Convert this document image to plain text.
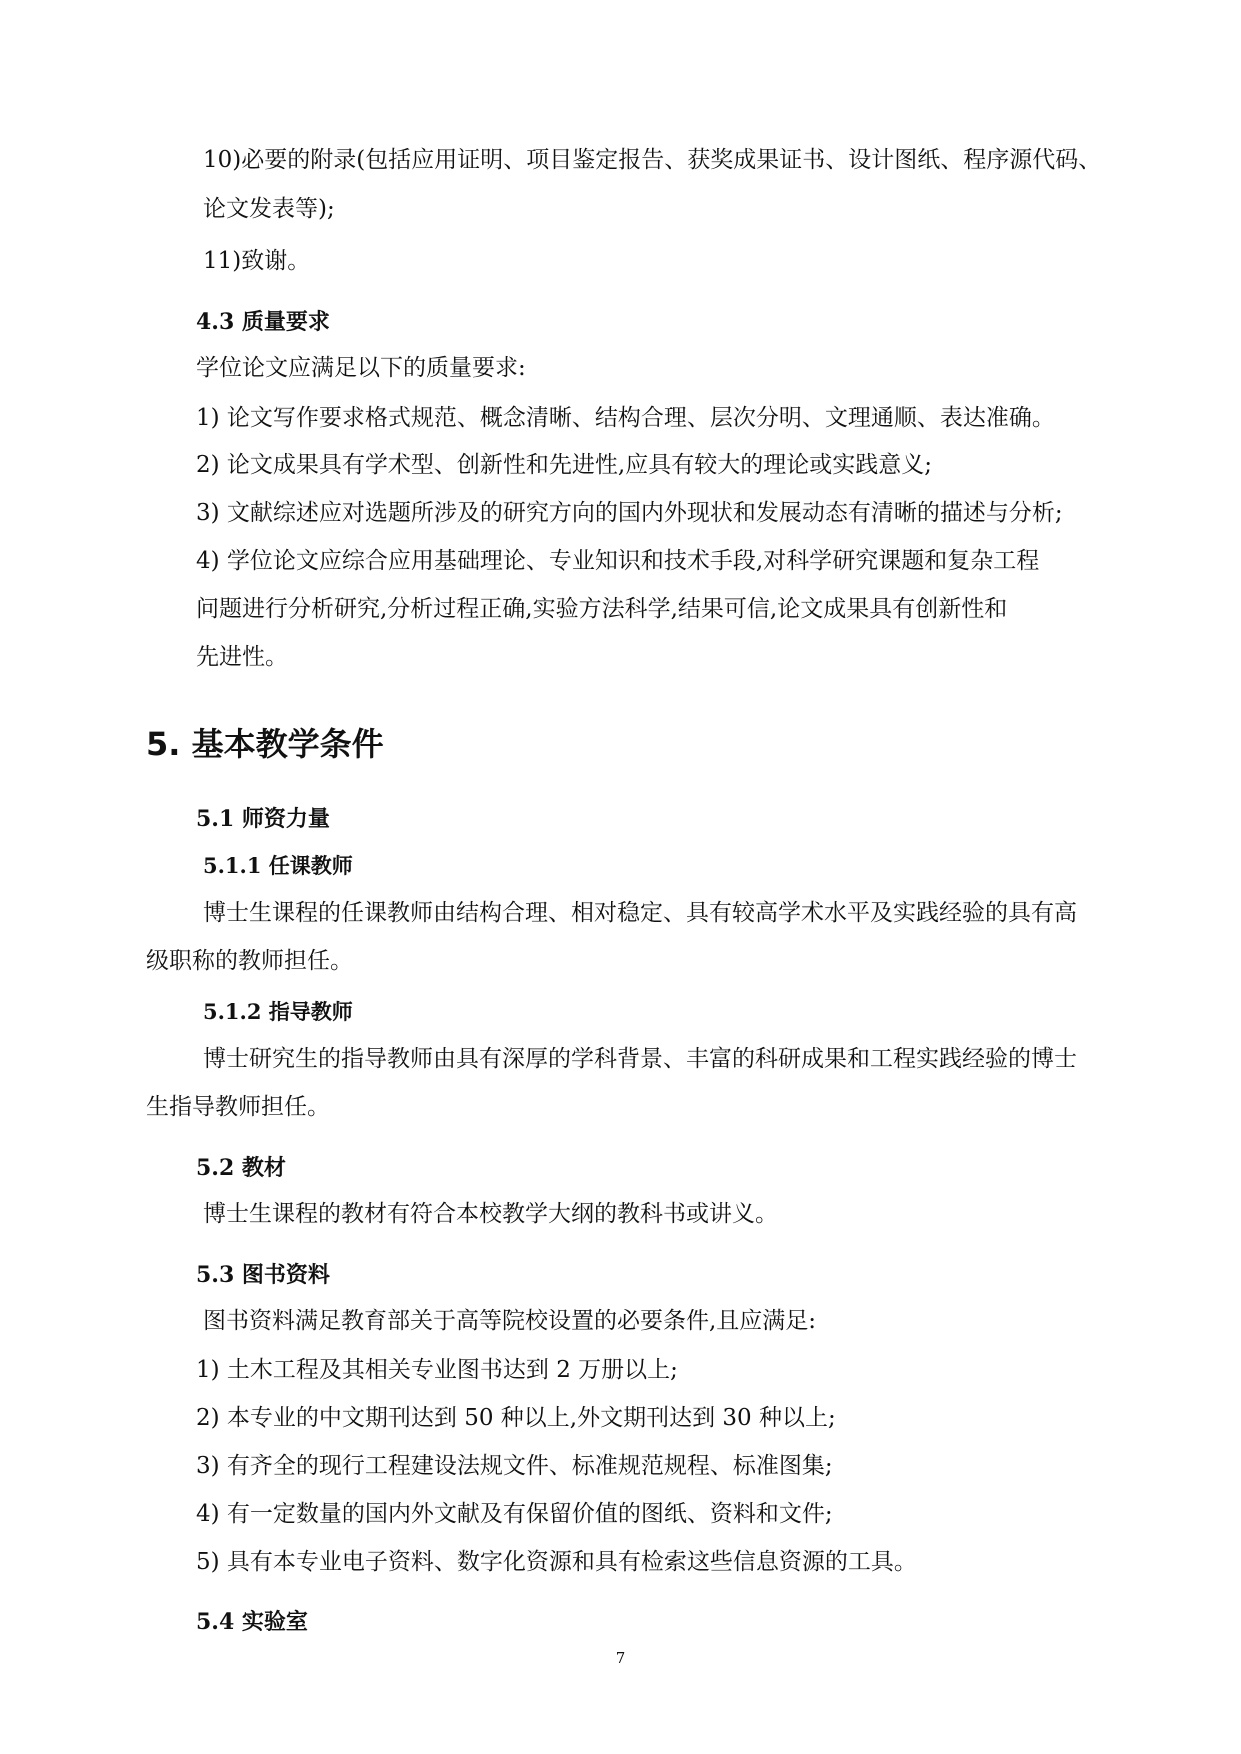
10)必要的附录(包括应用证明、项目鉴定报告、获奖成果证书、设计图纸、程序源代码、
论文发表等);
11)致谢。
4.3 质量要求
学位论文应满足以下的质量要求:
1) 论文写作要求格式规范、概念清晰、结构合理、层次分明、文理通顺、表达准确。
2) 论文成果具有学术型、创新性和先进性,应具有较大的理论或实践意义;
3) 文献综述应对选题所涉及的研究方向的国内外现状和发展动态有清晰的描述与分析;
4) 学位论文应综合应用基础理论、专业知识和技术手段,对科学研究课题和复杂工程
问题进行分析研究,分析过程正确,实验方法科学,结果可信,论文成果具有创新性和
先进性。
5. 基本教学条件
5.1 师资力量
5.1.1 任课教师
博士生课程的任课教师由结构合理、相对稳定、具有较高学术水平及实践经验的具有高
级职称的教师担任。
5.1.2 指导教师
博士研究生的指导教师由具有深厚的学科背景、丰富的科研成果和工程实践经验的博士
生指导教师担任。
5.2 教材
博士生课程的教材有符合本校教学大纲的教科书或讲义。
5.3 图书资料
图书资料满足教育部关于高等院校设置的必要条件,且应满足:
1) 土木工程及其相关专业图书达到 2 万册以上;
2) 本专业的中文期刊达到 50 种以上,外文期刊达到 30 种以上;
3) 有齐全的现行工程建设法规文件、标准规范规程、标准图集;
4) 有一定数量的国内外文献及有保留价值的图纸、资料和文件;
5) 具有本专业电子资料、数字化资源和具有检索这些信息资源的工具。
5.4 实验室
7
